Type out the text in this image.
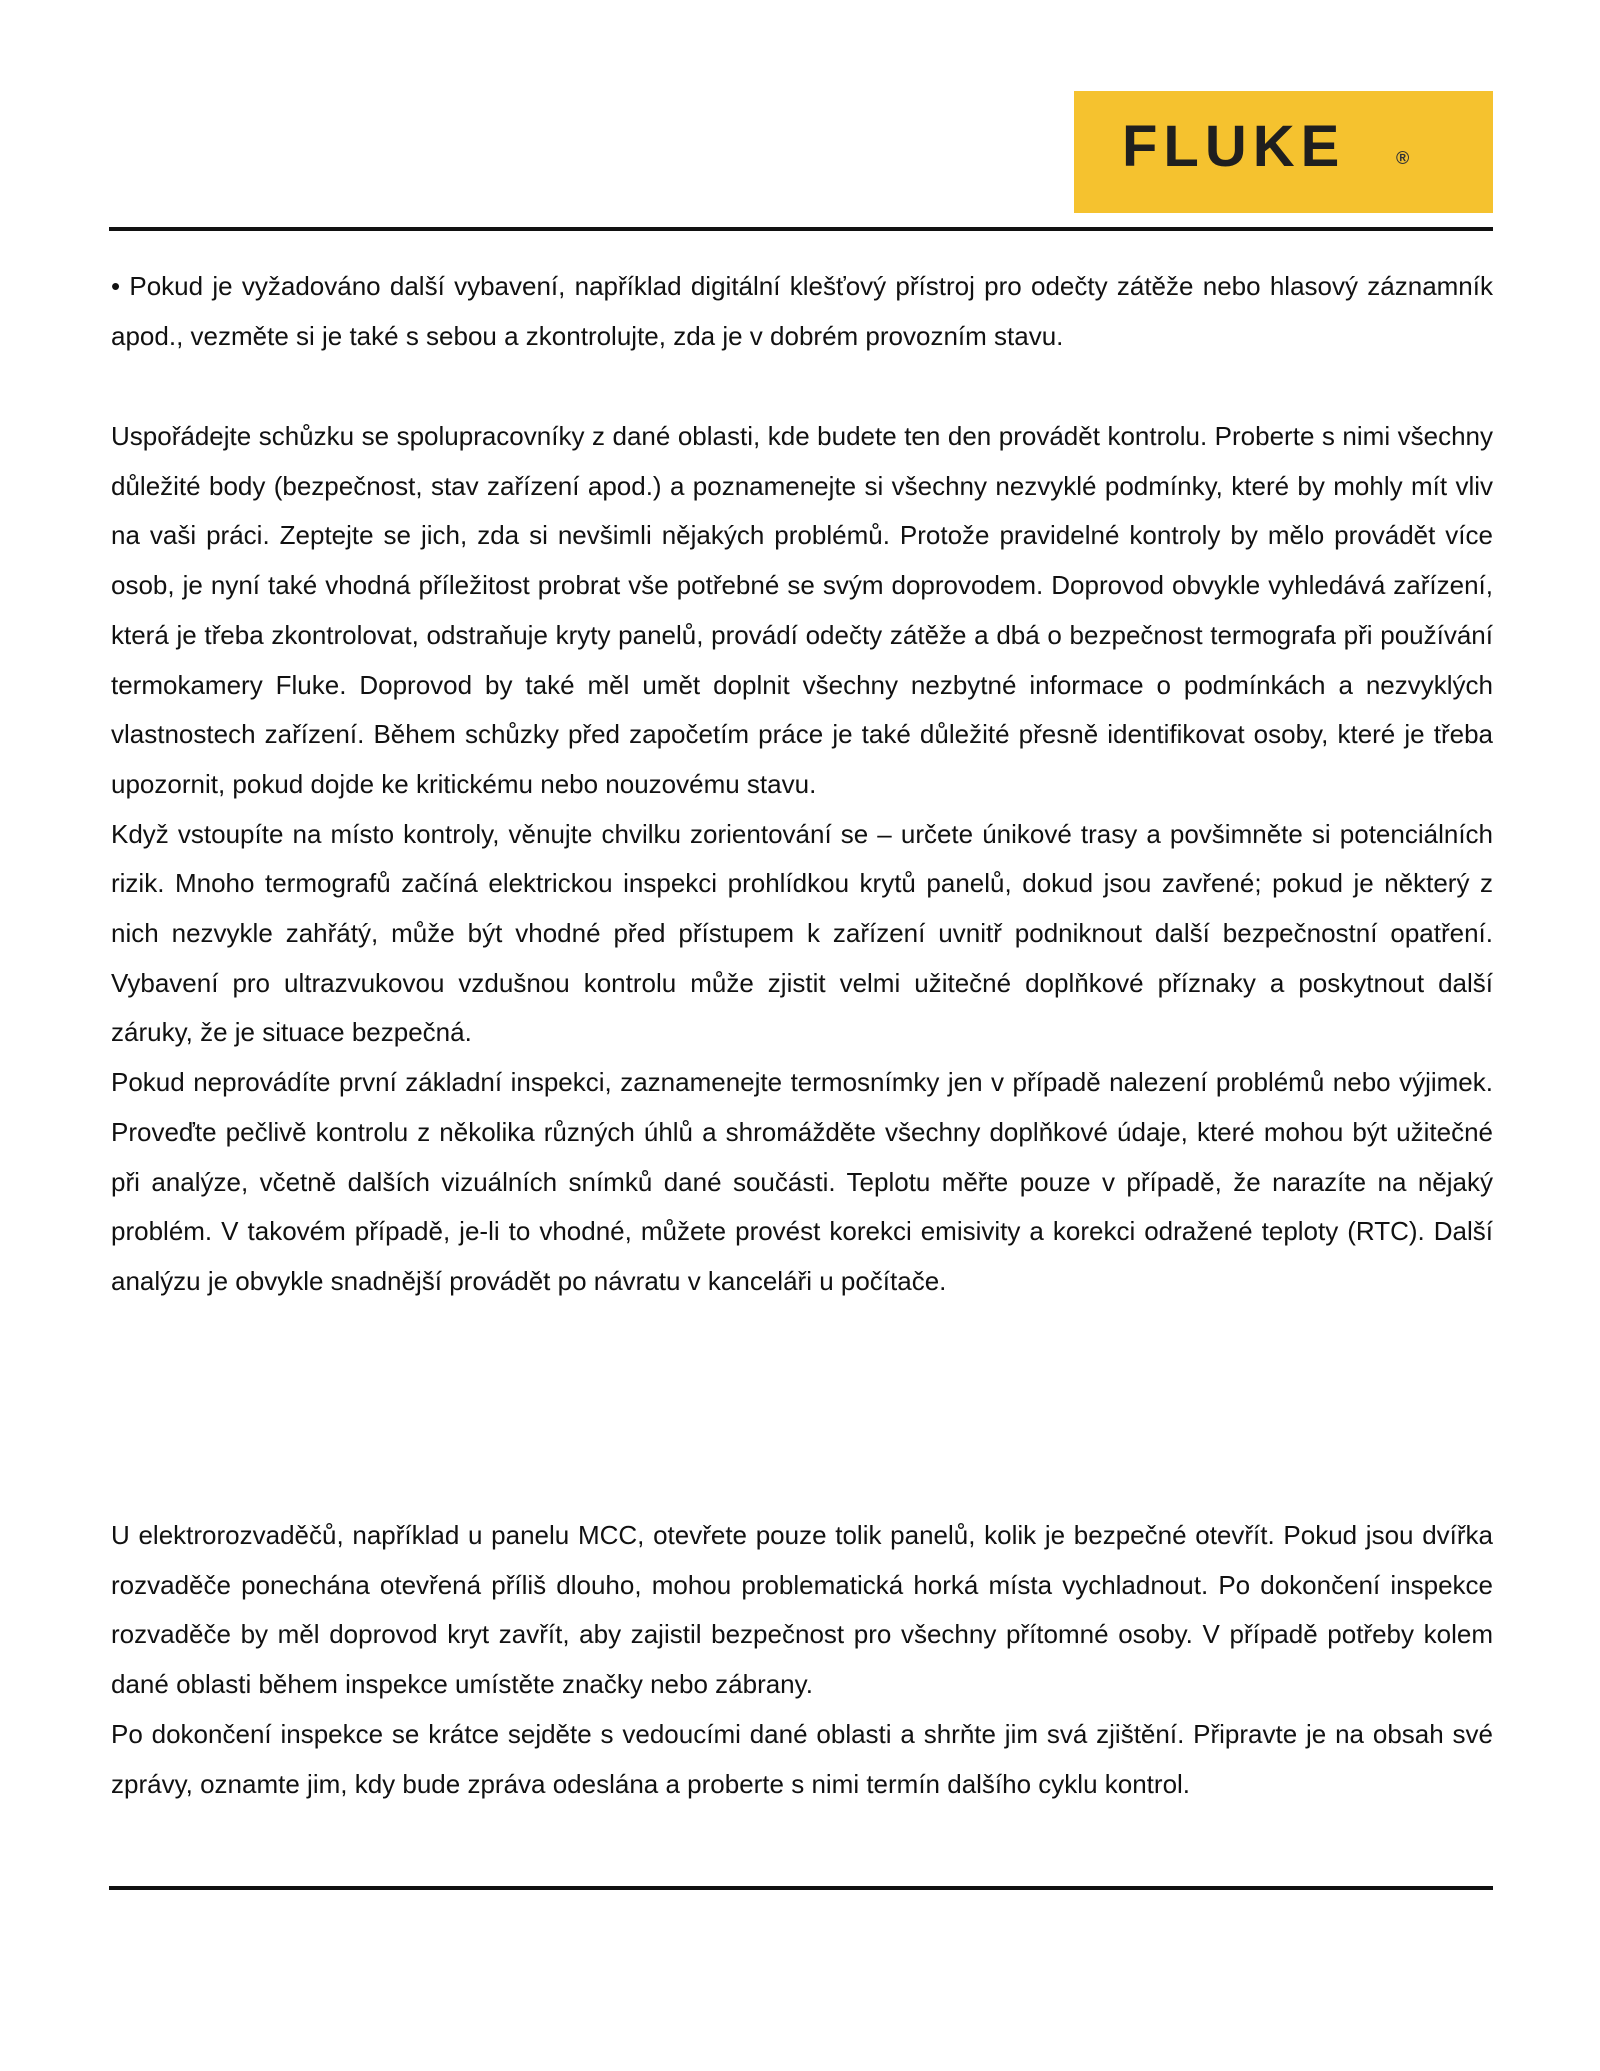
FLUKE	®

• Pokud je vyžadováno další vybavení, například digitální klešťový přístroj pro odečty zátěže nebo hlasový záznamník apod., vezměte si je také s sebou a zkontrolujte, zda je v dobrém provozním stavu.

Uspořádejte schůzku se spolupracovníky z dané oblasti, kde budete ten den provádět kontrolu. Proberte s nimi všechny důležité body (bezpečnost, stav zařízení apod.) a poznamenejte si všechny nezvyklé podmínky, které by mohly mít vliv na vaši práci. Zeptejte se jich, zda si nevšimli nějakých problémů. Protože pravidelné kontroly by mělo provádět více osob, je nyní také vhodná příležitost probrat vše potřebné se svým doprovodem. Doprovod obvykle vyhledává zařízení, která je třeba zkontrolovat, odstraňuje kryty panelů, provádí odečty zátěže a dbá o bezpečnost termografa při používání termokamery Fluke. Doprovod by také měl umět doplnit všechny nezbytné informace o podmínkách a nezvyklých vlastnostech zařízení. Během schůzky před započetím práce je také důležité přesně identifikovat osoby, které je třeba upozornit, pokud dojde ke kritickému nebo nouzovému stavu.

Když vstoupíte na místo kontroly, věnujte chvilku zorientování se – určete únikové trasy a povšimněte si potenciálních rizik. Mnoho termografů začíná elektrickou inspekci prohlídkou krytů panelů, dokud jsou zavřené; pokud je některý z nich nezvykle zahřátý, může být vhodné před přístupem k zařízení uvnitř podniknout další bezpečnostní opatření. Vybavení pro ultrazvukovou vzdušnou kontrolu může zjistit velmi užitečné doplňkové příznaky a poskytnout další záruky, že je situace bezpečná.

Pokud neprovádíte první základní inspekci, zaznamenejte termosnímky jen v případě nalezení problémů nebo výjimek. Proveďte pečlivě kontrolu z několika různých úhlů a shromážděte všechny doplňkové údaje, které mohou být užitečné při analýze, včetně dalších vizuálních snímků dané součásti. Teplotu měřte pouze v případě, že narazíte na nějaký problém. V takovém případě, je-li to vhodné, můžete provést korekci emisivity a korekci odražené teploty (RTC). Další analýzu je obvykle snadnější provádět po návratu v kanceláři u počítače.

U elektrorozvaděčů, například u panelu MCC, otevřete pouze tolik panelů, kolik je bezpečné otevřít. Pokud jsou dvířka rozvaděče ponechána otevřená příliš dlouho, mohou problematická horká místa vychladnout. Po dokončení inspekce rozvaděče by měl doprovod kryt zavřít, aby zajistil bezpečnost pro všechny přítomné osoby. V případě potřeby kolem dané oblasti během inspekce umístěte značky nebo zábrany.

Po dokončení inspekce se krátce sejděte s vedoucími dané oblasti a shrňte jim svá zjištění. Připravte je na obsah své zprávy, oznamte jim, kdy bude zpráva odeslána a proberte s nimi termín dalšího cyklu kontrol.
